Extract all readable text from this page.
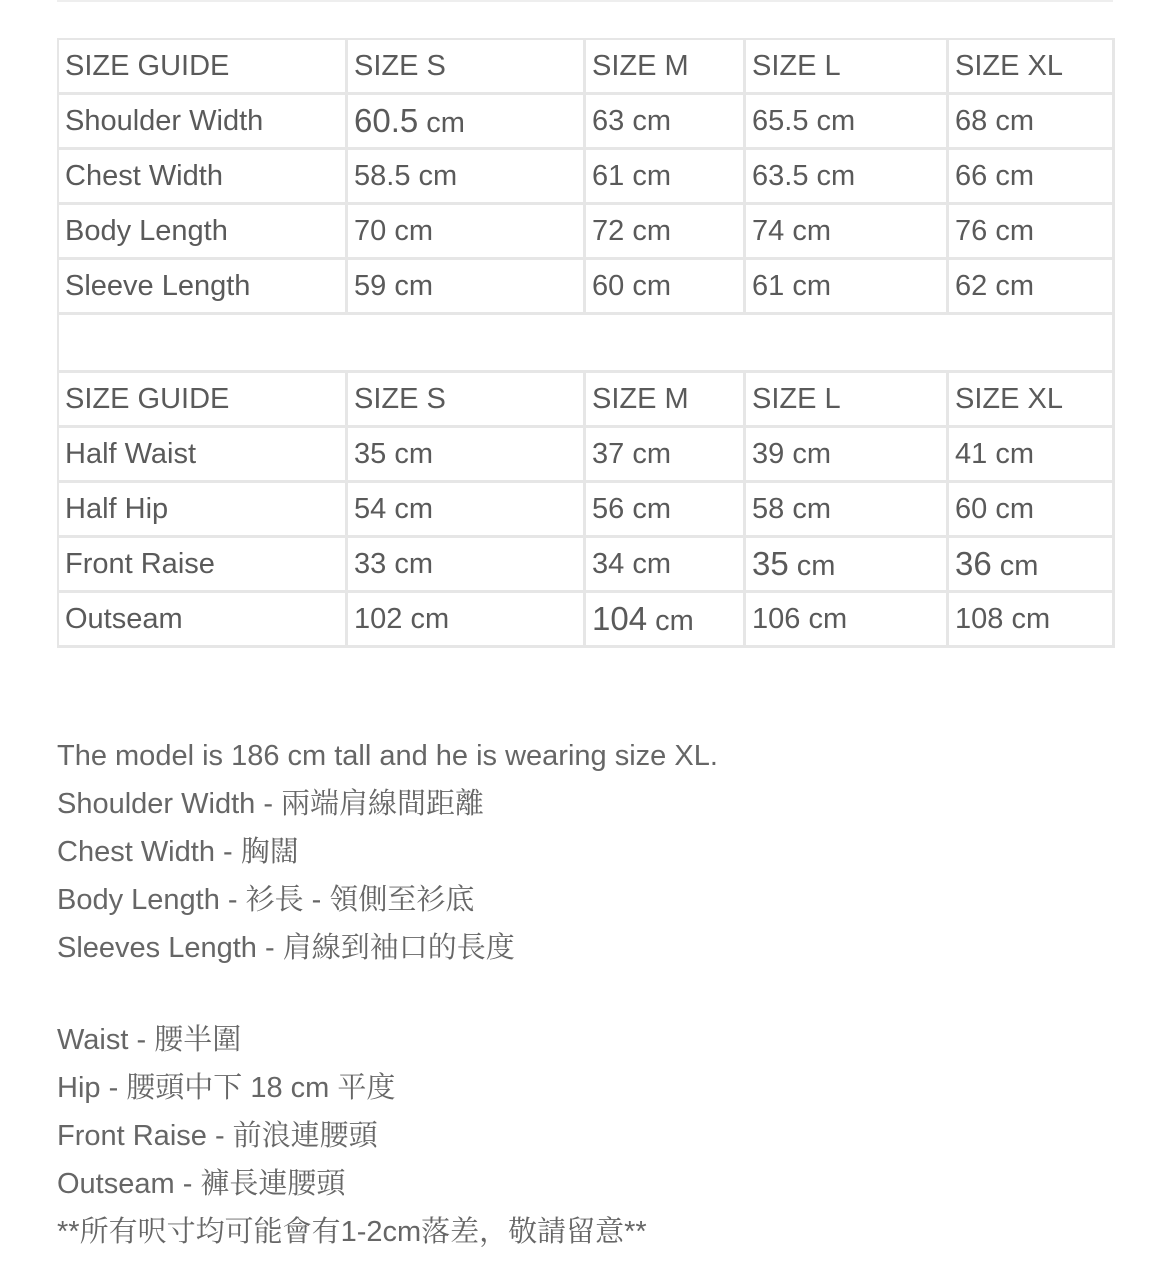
SIZE GUIDE	SIZE S	SIZE M	SIZE L	SIZE XL
Shoulder Width	60.5 cm	63 cm	65.5 cm	68 cm
Chest Width	58.5 cm	61 cm	63.5 cm	66 cm
Body Length	70 cm	72 cm	74 cm	76 cm
Sleeve Length	59 cm	60 cm	61 cm	62 cm

SIZE GUIDE	SIZE S	SIZE M	SIZE L	SIZE XL
Half Waist	35 cm	37 cm	39 cm	41 cm
Half Hip	54 cm	56 cm	58 cm	60 cm
Front Raise	33 cm	34 cm	35 cm	36 cm
Outseam	102 cm	104 cm	106 cm	108 cm
The model is 186 cm tall and he is wearing size XL.
Shoulder Width - 兩端肩線間距離
Chest Width - 胸闊
Body Length - 衫長 - 領側至衫底
Sleeves Length - 肩線到袖口的長度
Waist - 腰半圍
Hip - 腰頭中下 18 cm 平度
Front Raise - 前浪連腰頭
Outseam - 褲長連腰頭
**所有呎寸均可能會有1-2cm落差，敬請留意**
